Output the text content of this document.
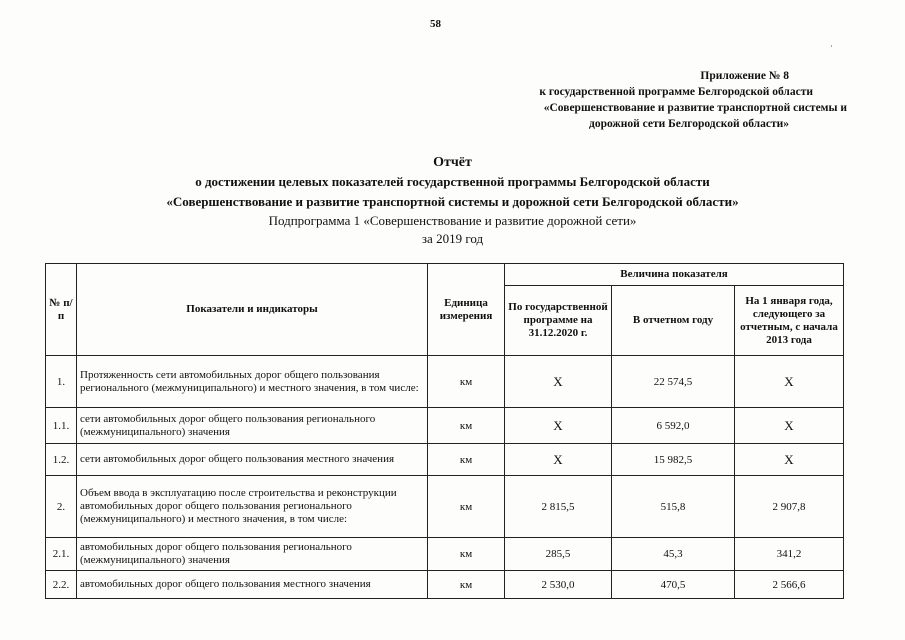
58
˙
Приложение № 8
к государственной программе Белгородской области
«Совершенствование и развитие транспортной системы и
дорожной сети Белгородской области»
Отчёт
о достижении целевых показателей государственной программы Белгородской области
«Совершенствование и развитие транспортной системы и дорожной сети Белгородской области»
Подпрограмма 1 «Совершенствование и развитие дорожной сети»
за 2019 год
№ п/п	Показатели и индикаторы	Единица измерения	Величина показателя		
			По государственной программе на 31.12.2020 г.	В отчетном году	На 1 января года, следующего за отчетным, с начала 2013 года
1.	Протяженность сети автомобильных дорог общего пользования регионального (межмуниципального) и местного значения, в том числе:	км	Х	22 574,5	Х
1.1.	сети автомобильных дорог общего пользования регионального (межмуниципального) значения	км	Х	6 592,0	Х
1.2.	сети автомобильных дорог общего пользования местного значения	км	Х	15 982,5	Х
2.	Объем ввода в эксплуатацию после строительства и реконструкции автомобильных дорог общего пользования регионального (межмуниципального) и местного значения, в том числе:	км	2 815,5	515,8	2 907,8
2.1.	автомобильных дорог общего пользования регионального (межмуниципального) значения	км	285,5	45,3	341,2
2.2.	автомобильных дорог общего пользования местного значения	км	2 530,0	470,5	2 566,6
